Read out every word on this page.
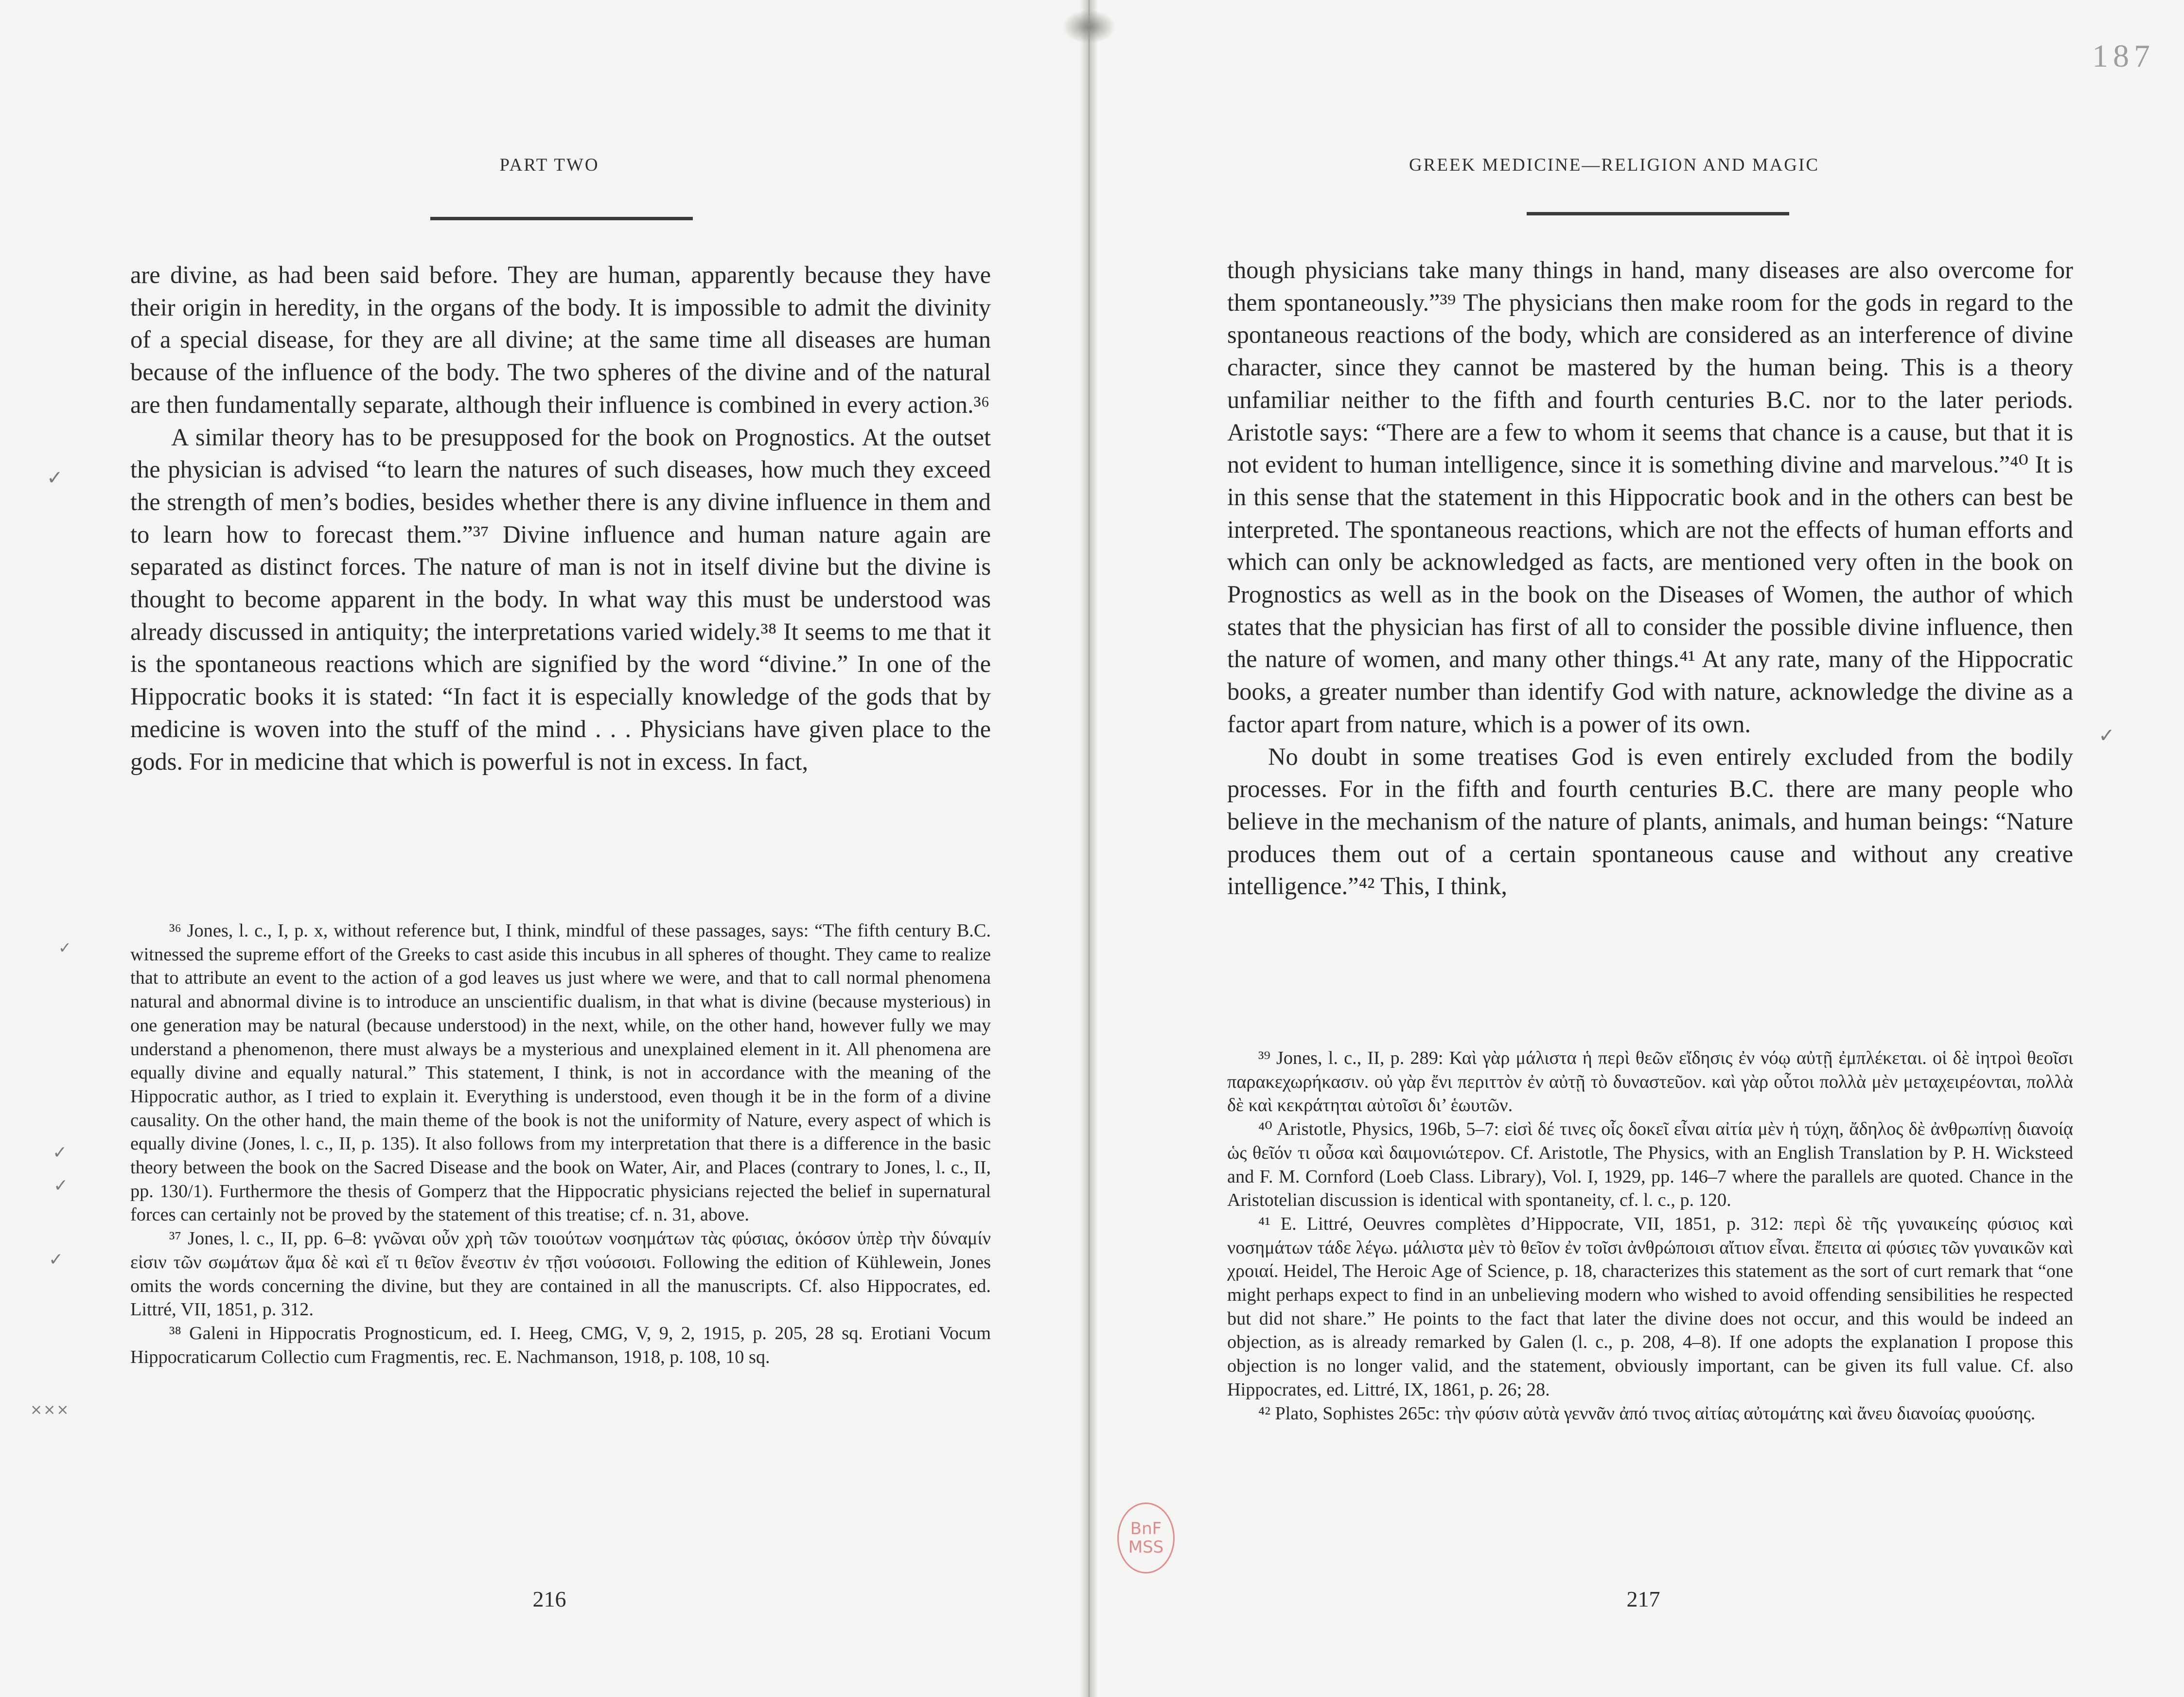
PART TWO

are divine, as had been said before. They are human, apparently because they have their origin in heredity, in the organs of the body. It is impossible to admit the divinity of a special disease, for they are all divine; at the same time all diseases are human because of the influence of the body. The two spheres of the divine and of the natural are then fundamentally separate, although their influence is combined in every action.³⁶

A similar theory has to be presupposed for the book on Prognostics. At the outset the physician is advised “to learn the natures of such diseases, how much they exceed the strength of men’s bodies, besides whether there is any divine influence in them and to learn how to forecast them.”³⁷ Divine influence and human nature again are separated as distinct forces. The nature of man is not in itself divine but the divine is thought to become apparent in the body. In what way this must be understood was already discussed in antiquity; the interpretations varied widely.³⁸ It seems to me that it is the spontaneous reactions which are signified by the word “divine.” In one of the Hippocratic books it is stated: “In fact it is especially knowledge of the gods that by medicine is woven into the stuff of the mind . . . Physicians have given place to the gods. For in medicine that which is powerful is not in excess. In fact,

³⁶ Jones, l. c., I, p. x, without reference but, I think, mindful of these passages, says: “The fifth century B.C. witnessed the supreme effort of the Greeks to cast aside this incubus in all spheres of thought. They came to realize that to attribute an event to the action of a god leaves us just where we were, and that to call normal phenomena natural and abnormal divine is to introduce an unscientific dualism, in that what is divine (because mysterious) in one generation may be natural (because understood) in the next, while, on the other hand, however fully we may understand a phenomenon, there must always be a mysterious and unexplained element in it. All phenomena are equally divine and equally natural.” This statement, I think, is not in accordance with the meaning of the Hippocratic author, as I tried to explain it. Everything is understood, even though it be in the form of a divine causality. On the other hand, the main theme of the book is not the uniformity of Nature, every aspect of which is equally divine (Jones, l. c., II, p. 135). It also follows from my interpretation that there is a difference in the basic theory between the book on the Sacred Disease and the book on Water, Air, and Places (contrary to Jones, l. c., II, pp. 130/1). Furthermore the thesis of Gomperz that the Hippocratic physicians rejected the belief in supernatural forces can certainly not be proved by the statement of this treatise; cf. n. 31, above.

³⁷ Jones, l. c., II, pp. 6–8: γνῶναι οὖν χρὴ τῶν τοιούτων νοσημάτων τὰς φύσιας, ὁκόσον ὑπὲρ τὴν δύναμίν εἰσιν τῶν σωμάτων ἅμα δὲ καὶ εἴ τι θεῖον ἔνεστιν ἐν τῇσι νούσοισι. Following the edition of Kühlewein, Jones omits the words concerning the divine, but they are contained in all the manuscripts. Cf. also Hippocrates, ed. Littré, VII, 1851, p. 312.

³⁸ Galeni in Hippocratis Prognosticum, ed. I. Heeg, CMG, V, 9, 2, 1915, p. 205, 28 sq. Erotiani Vocum Hippocraticarum Collectio cum Fragmentis, rec. E. Nachmanson, 1918, p. 108, 10 sq.

216
✓
✓
✓
✓
✓
×××
187
GREEK MEDICINE—RELIGION AND MAGIC

though physicians take many things in hand, many diseases are also overcome for them spontaneously.”³⁹ The physicians then make room for the gods in regard to the spontaneous reactions of the body, which are considered as an interference of divine character, since they cannot be mastered by the human being. This is a theory unfamiliar neither to the fifth and fourth centuries B.C. nor to the later periods. Aristotle says: “There are a few to whom it seems that chance is a cause, but that it is not evident to human intelligence, since it is something divine and marvelous.”⁴⁰ It is in this sense that the statement in this Hippocratic book and in the others can best be interpreted. The spontaneous reactions, which are not the effects of human efforts and which can only be acknowledged as facts, are mentioned very often in the book on Prognostics as well as in the book on the Diseases of Women, the author of which states that the physician has first of all to consider the possible divine influence, then the nature of women, and many other things.⁴¹ At any rate, many of the Hippocratic books, a greater number than identify God with nature, acknowledge the divine as a factor apart from nature, which is a power of its own.

No doubt in some treatises God is even entirely excluded from the bodily processes. For in the fifth and fourth centuries B.C. there are many people who believe in the mechanism of the nature of plants, animals, and human beings: “Nature produces them out of a certain spontaneous cause and without any creative intelligence.”⁴² This, I think,

³⁹ Jones, l. c., II, p. 289: Καὶ γὰρ μάλιστα ἡ περὶ θεῶν εἴδησις ἐν νόῳ αὐτῇ ἐμπλέκεται. οἱ δὲ ἰητροὶ θεοῖσι παρακεχωρήκασιν. οὐ γὰρ ἔνι περιττὸν ἐν αὐτῇ τὸ δυναστεῦον. καὶ γὰρ οὗτοι πολλὰ μὲν μεταχειρέονται, πολλὰ δὲ καὶ κεκράτηται αὐτοῖσι δι’ ἑωυτῶν.

⁴⁰ Aristotle, Physics, 196b, 5–7: εἰσὶ δέ τινες οἷς δοκεῖ εἶναι αἰτία μὲν ἡ τύχη, ἄδηλος δὲ ἀνθρωπίνῃ διανοίᾳ ὡς θεῖόν τι οὖσα καὶ δαιμονιώτερον. Cf. Aristotle, The Physics, with an English Translation by P. H. Wicksteed and F. M. Cornford (Loeb Class. Library), Vol. I, 1929, pp. 146–7 where the parallels are quoted. Chance in the Aristotelian discussion is identical with spontaneity, cf. l. c., p. 120.

⁴¹ E. Littré, Oeuvres complètes d’Hippocrate, VII, 1851, p. 312: περὶ δὲ τῆς γυναικείης φύσιος καὶ νοσημάτων τάδε λέγω. μάλιστα μὲν τὸ θεῖον ἐν τοῖσι ἀνθρώποισι αἴτιον εἶναι. ἔπειτα αἱ φύσιες τῶν γυναικῶν καὶ χροιαί. Heidel, The Heroic Age of Science, p. 18, characterizes this statement as the sort of curt remark that “one might perhaps expect to find in an unbelieving modern who wished to avoid offending sensibilities he respected but did not share.” He points to the fact that later the divine does not occur, and this would be indeed an objection, as is already remarked by Galen (l. c., p. 208, 4–8). If one adopts the explanation I propose this objection is no longer valid, and the statement, obviously important, can be given its full value. Cf. also Hippocrates, ed. Littré, IX, 1861, p. 26; 28.

⁴² Plato, Sophistes 265c: τὴν φύσιν αὐτὰ γεννᾶν ἀπό τινος αἰτίας αὐτομάτης καὶ ἄνευ διανοίας φυούσης.

217
✓
BnF
MSS
